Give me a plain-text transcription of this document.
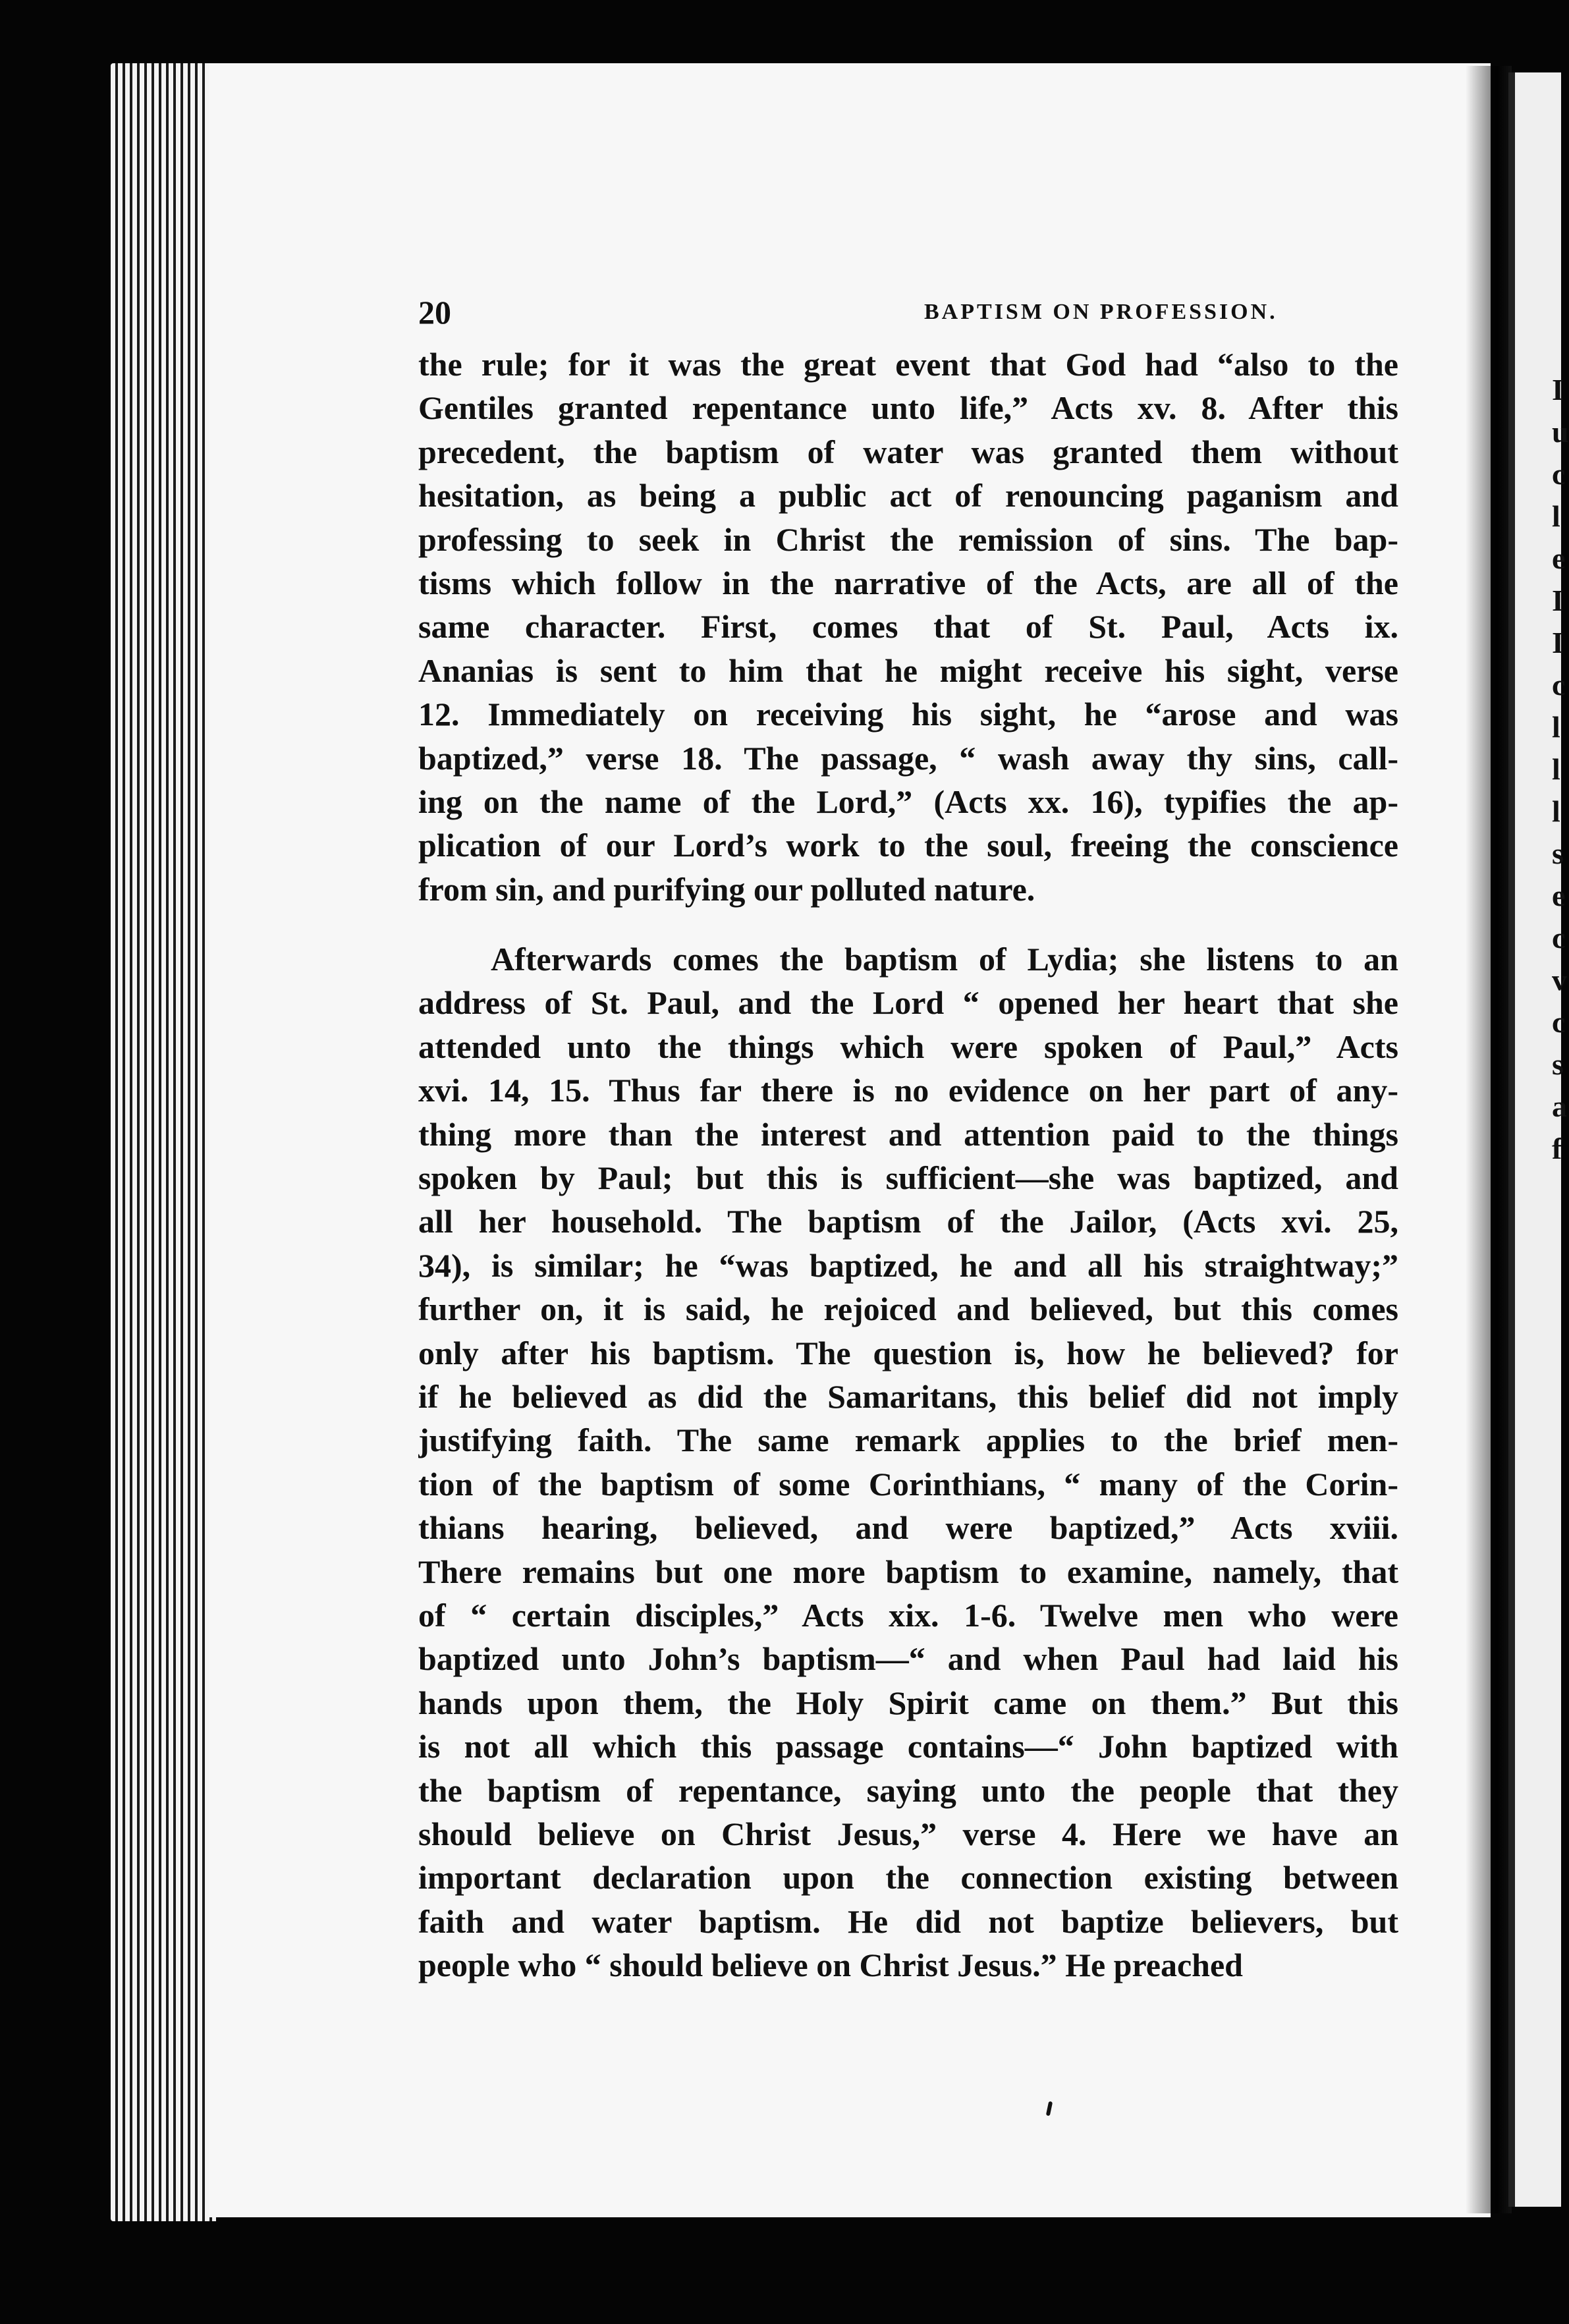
I u c l e I I c l l l s e c v c s a f
20	BAPTISM ON PROFESSION.
the rule; for it was the great event that God had “also to the
Gentiles granted repentance unto life,” Acts xv. 8. After this
precedent, the baptism of water was granted them without
hesitation, as being a public act of renouncing paganism and
professing to seek in Christ the remission of sins. The bap-
tisms which follow in the narrative of the Acts, are all of the
same character. First, comes that of St. Paul, Acts ix.
Ananias is sent to him that he might receive his sight, verse
12. Immediately on receiving his sight, he “arose and was
baptized,” verse 18. The passage, “ wash away thy sins, call-
ing on the name of the Lord,” (Acts xx. 16), typifies the ap-
plication of our Lord’s work to the soul, freeing the conscience
from sin, and purifying our polluted nature.
Afterwards comes the baptism of Lydia; she listens to an
address of St. Paul, and the Lord “ opened her heart that she
attended unto the things which were spoken of Paul,” Acts
xvi. 14, 15. Thus far there is no evidence on her part of any-
thing more than the interest and attention paid to the things
spoken by Paul; but this is sufficient—she was baptized, and
all her household. The baptism of the Jailor, (Acts xvi. 25,
34), is similar; he “was baptized, he and all his straightway;”
further on, it is said, he rejoiced and believed, but this comes
only after his baptism. The question is, how he believed? for
if he believed as did the Samaritans, this belief did not imply
justifying faith. The same remark applies to the brief men-
tion of the baptism of some Corinthians, “ many of the Corin-
thians hearing, believed, and were baptized,” Acts xviii.
There remains but one more baptism to examine, namely, that
of “ certain disciples,” Acts xix. 1-6. Twelve men who were
baptized unto John’s baptism—“ and when Paul had laid his
hands upon them, the Holy Spirit came on them.” But this
is not all which this passage contains—“ John baptized with
the baptism of repentance, saying unto the people that they
should believe on Christ Jesus,” verse 4. Here we have an
important declaration upon the connection existing between
faith and water baptism. He did not baptize believers, but
people who “ should believe on Christ Jesus.” He preached
